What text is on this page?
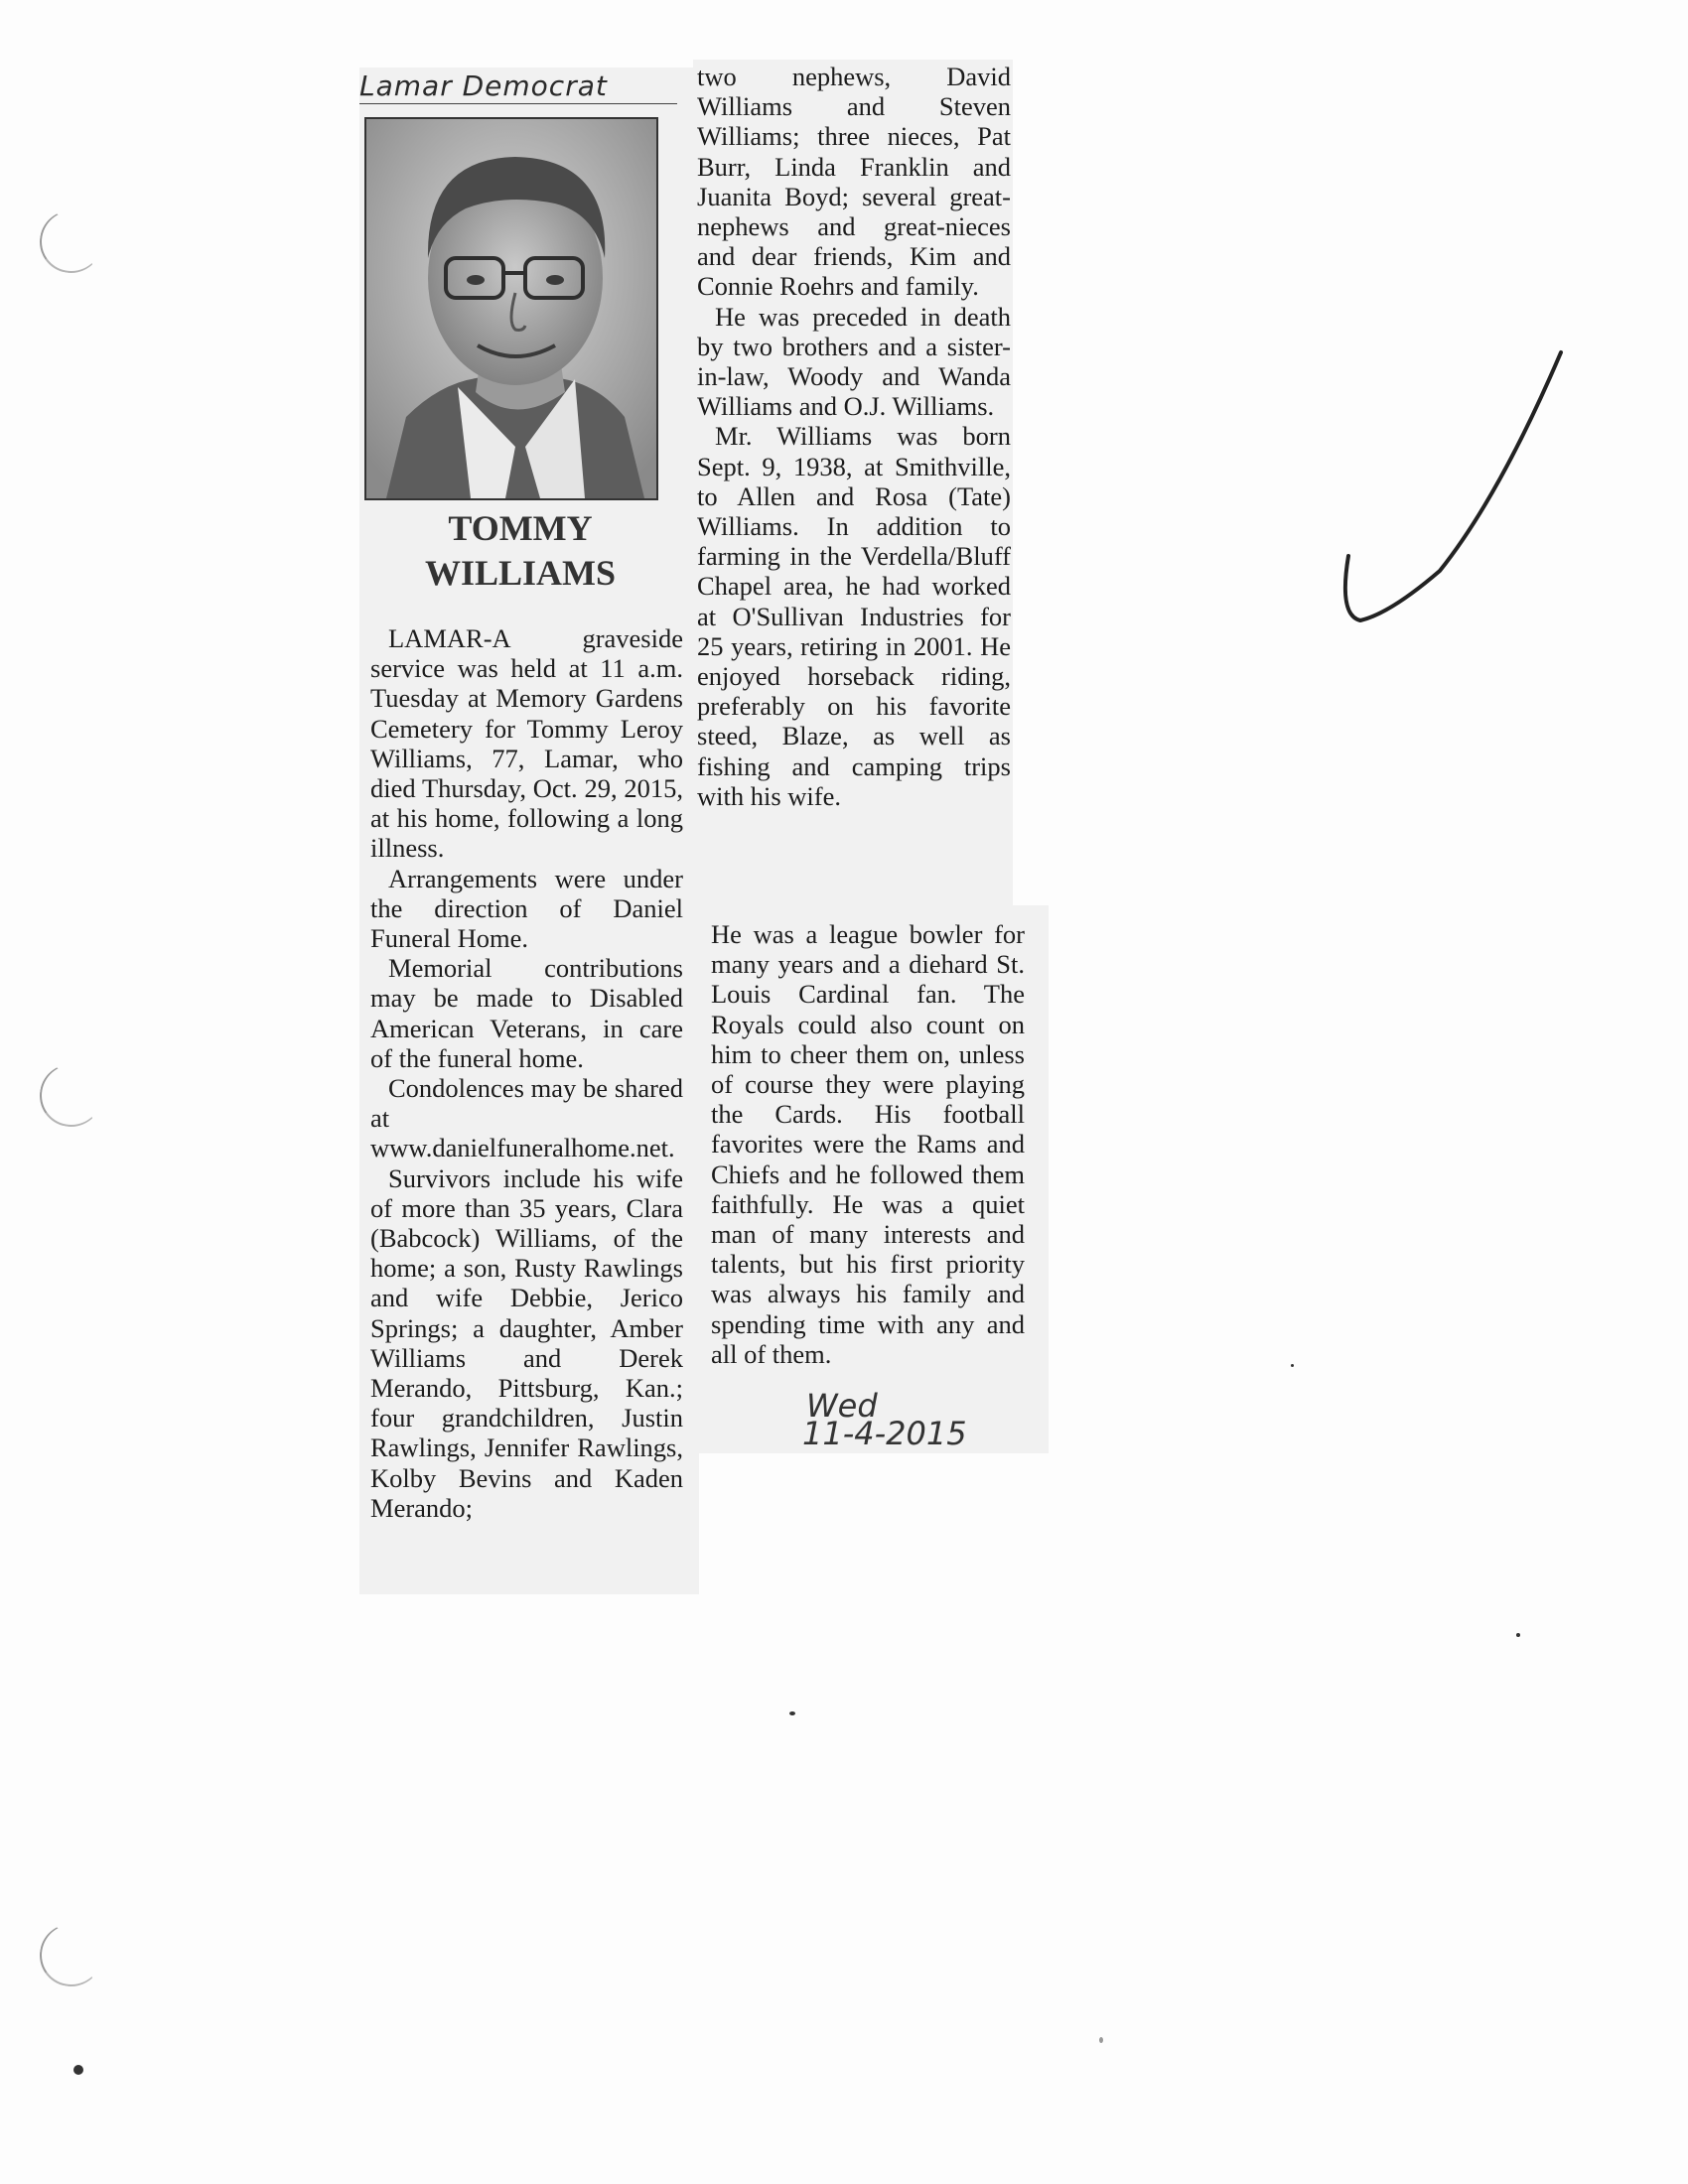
Lamar Democrat
TOMMY
WILLIAMS

LAMAR-A graveside service was held at 11 a.m. Tuesday at Memory Gardens Cemetery for Tommy Leroy Williams, 77, Lamar, who died Thursday, Oct. 29, 2015, at his home, following a long illness.

Arrangements were under the direction of Daniel Funeral Home.

Memorial contributions may be made to Disabled American Veterans, in care of the funeral home.

Condolences may be shared at www.danielfuneralhome.net.

Survivors include his wife of more than 35 years, Clara (Babcock) Williams, of the home; a son, Rusty Rawlings and wife Debbie, Jerico Springs; a daughter, Amber Williams and Derek Merando, Pittsburg, Kan.; four grandchildren, Justin Rawlings, Jennifer Rawlings, Kolby Bevins and Kaden Merando;

two nephews, David Williams and Steven Williams; three nieces, Pat Burr, Linda Franklin and Juanita Boyd; several great-nephews and great-nieces and dear friends, Kim and Connie Roehrs and family.

He was preceded in death by two brothers and a sister-in-law, Woody and Wanda Williams and O.J. Williams.

Mr. Williams was born Sept. 9, 1938, at Smithville, to Allen and Rosa (Tate) Williams. In addition to farming in the Verdella/Bluff Chapel area, he had worked at O'Sullivan Industries for 25 years, retiring in 2001. He enjoyed horseback riding, preferably on his favorite steed, Blaze, as well as fishing and camping trips with his wife.

He was a league bowler for many years and a diehard St. Louis Cardinal fan. The Royals could also count on him to cheer them on, unless of course they were playing the Cards. His football favorites were the Rams and Chiefs and he followed them faithfully. He was a quiet man of many interests and talents, but his first priority was always his family and spending time with any and all of them.

Wed
11-4-2015
